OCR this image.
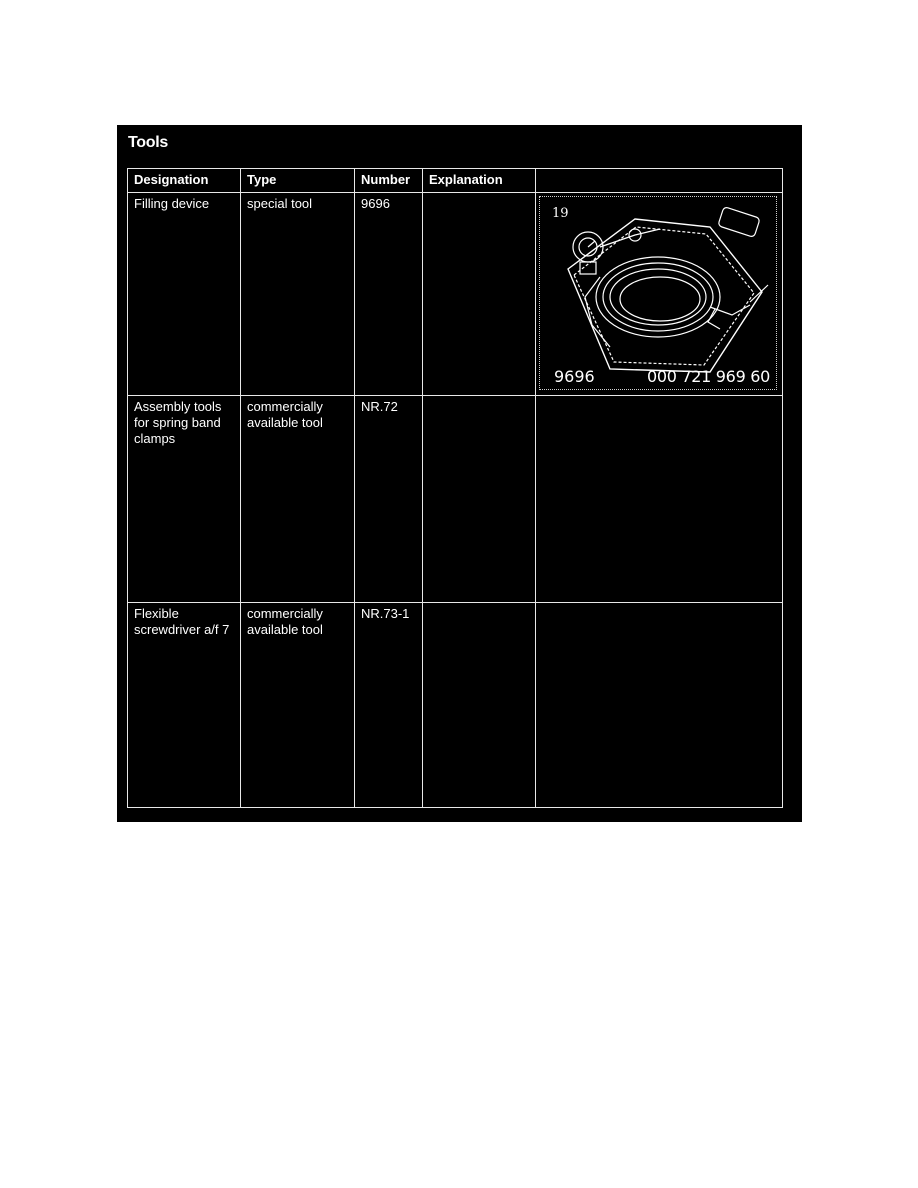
Tools
Designation	Type	Number	Explanation	
Filling device	special tool	9696		19
9696 000 721 969 60

Assembly tools for spring band clamps	commercially available tool	NR.72		
Flexible screwdriver a/f 7	commercially available tool	NR.73-1		
